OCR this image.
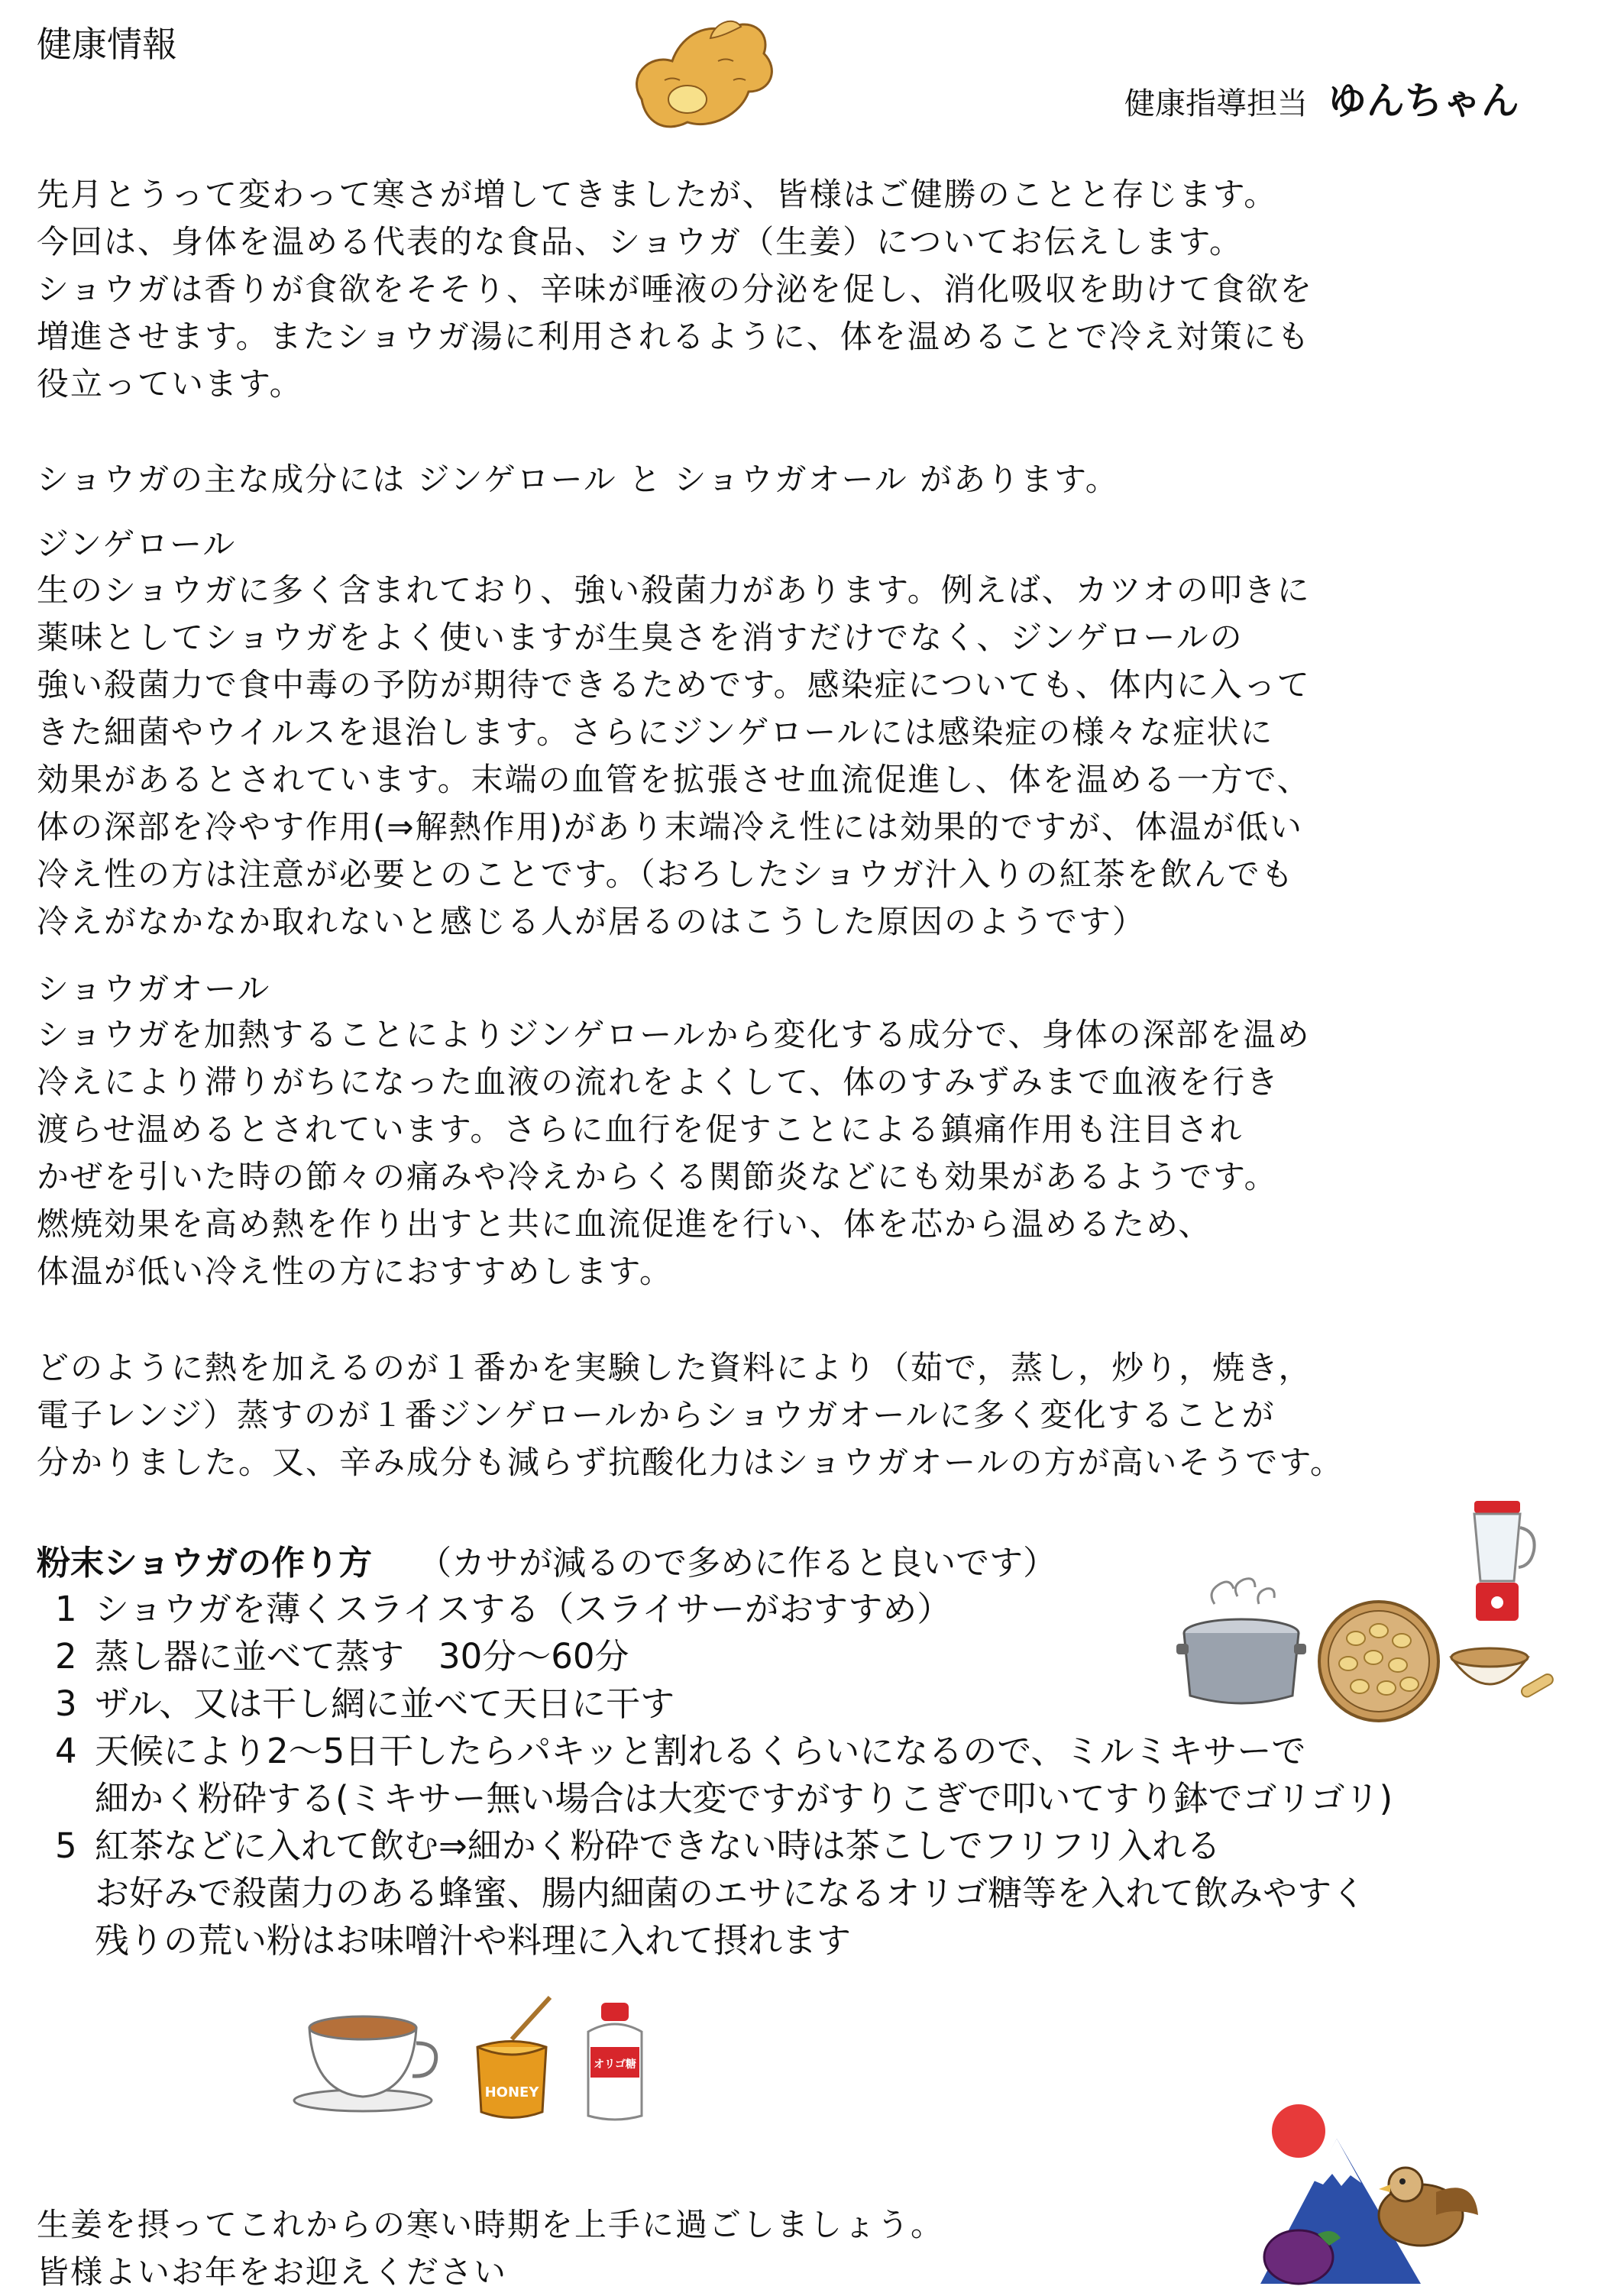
健康情報
健康指導担当 ゆんちゃん
先月とうって変わって寒さが増してきましたが、皆様はご健勝のことと存じます。
今回は、身体を温める代表的な食品、ショウガ（生姜）についてお伝えします。
ショウガは香りが食欲をそそり、辛味が唾液の分泌を促し、消化吸収を助けて食欲を
増進させます。またショウガ湯に利用されるように、体を温めることで冷え対策にも
役立っています。
ショウガの主な成分には ジンゲロール と ショウガオール があります。
ジンゲロール
生のショウガに多く含まれており、強い殺菌力があります。例えば、カツオの叩きに
薬味としてショウガをよく使いますが生臭さを消すだけでなく、ジンゲロールの
強い殺菌力で食中毒の予防が期待できるためです。感染症についても、体内に入って
きた細菌やウイルスを退治します。さらにジンゲロールには感染症の様々な症状に
効果があるとされています。末端の血管を拡張させ血流促進し、体を温める一方で、
体の深部を冷やす作用(⇒解熱作用)があり末端冷え性には効果的ですが、体温が低い
冷え性の方は注意が必要とのことです。（おろしたショウガ汁入りの紅茶を飲んでも
冷えがなかなか取れないと感じる人が居るのはこうした原因のようです）
ショウガオール
ショウガを加熱することによりジンゲロールから変化する成分で、身体の深部を温め
冷えにより滞りがちになった血液の流れをよくして、体のすみずみまで血液を行き
渡らせ温めるとされています。さらに血行を促すことによる鎮痛作用も注目され
かぜを引いた時の節々の痛みや冷えからくる関節炎などにも効果があるようです。
燃焼効果を高め熱を作り出すと共に血流促進を行い、体を芯から温めるため、
体温が低い冷え性の方におすすめします。
どのように熱を加えるのが１番かを実験した資料により（茹で，蒸し，炒り，焼き，
電子レンジ）蒸すのが１番ジンゲロールからショウガオールに多く変化することが
分かりました。又、辛み成分も減らず抗酸化力はショウガオールの方が高いそうです。
粉末ショウガの作り方 （カサが減るので多めに作ると良いです）
1 ショウガを薄くスライスする（スライサーがおすすめ）
2 蒸し器に並べて蒸す　30分～60分
3 ザル、又は干し網に並べて天日に干す
4 天候により2～5日干したらパキッと割れるくらいになるので、ミルミキサーで
細かく粉砕する(ミキサー無い場合は大変ですがすりこぎで叩いてすり鉢でゴリゴリ)
5 紅茶などに入れて飲む⇒細かく粉砕できない時は茶こしでフリフリ入れる
お好みで殺菌力のある蜂蜜、腸内細菌のエサになるオリゴ糖等を入れて飲みやすく
残りの荒い粉はお味噌汁や料理に入れて摂れます
HONEY
オリゴ糖
生姜を摂ってこれからの寒い時期を上手に過ごしましょう。
皆様よいお年をお迎えください
